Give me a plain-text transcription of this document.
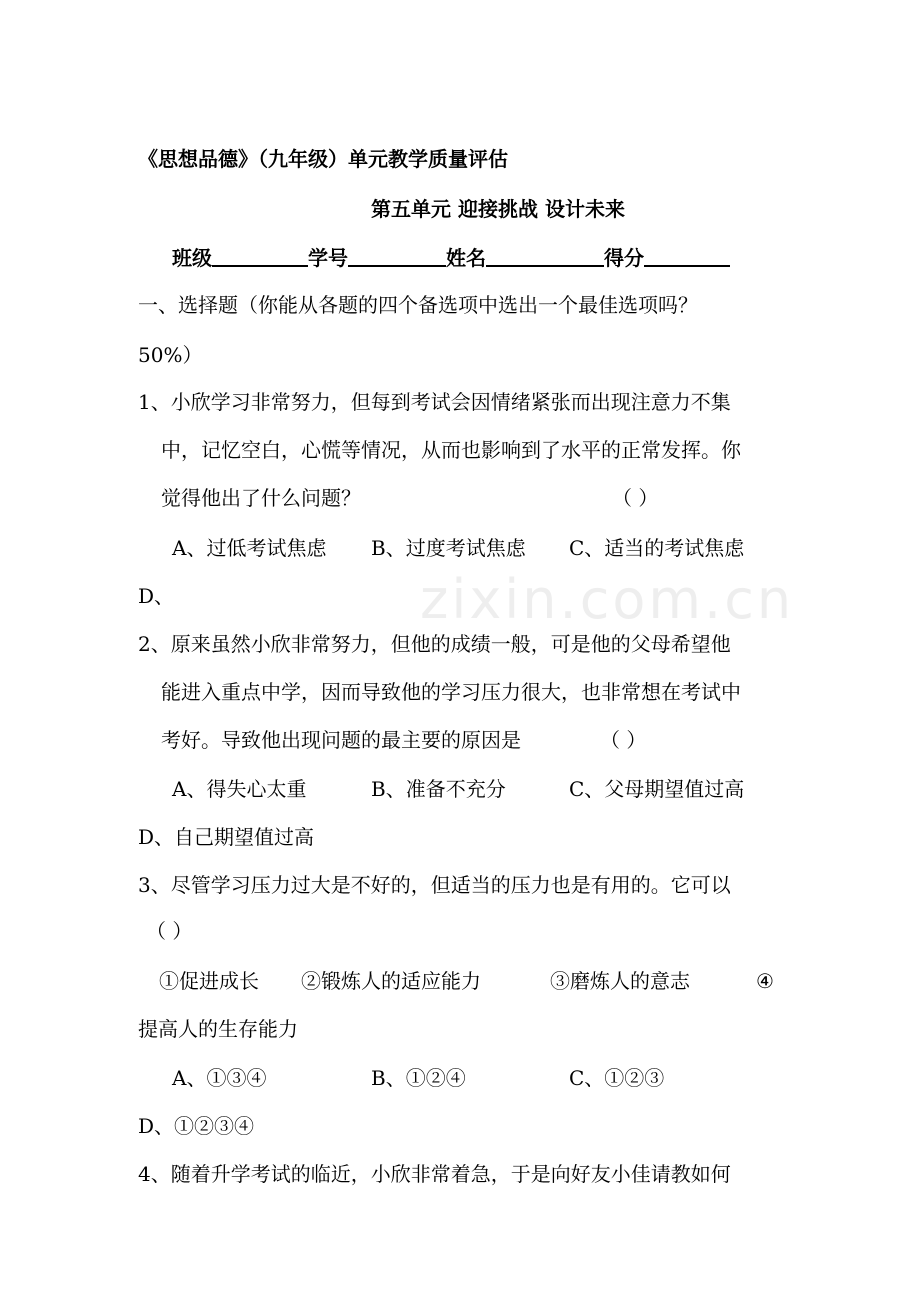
zixin.com.cn
《思想品德》（九年级）单元教学质量评估
第五单元 迎接挑战 设计未来
班级	学号	姓名	得分
一、选择题（你能从各题的四个备选项中选出一个最佳选项吗？
50%）
1、小欣学习非常努力，但每到考试会因情绪紧张而出现注意力不集
中，记忆空白，心慌等情况，从而也影响到了水平的正常发挥。你
觉得他出了什么问题？	（ ）
A、过低考试焦虑 B、过度考试焦虑 C、适当的考试焦虑
D、
2、原来虽然小欣非常努力，但他的成绩一般，可是他的父母希望他
能进入重点中学，因而导致他的学习压力很大，也非常想在考试中
考好。导致他出现问题的最主要的原因是	（ ）
A、得失心太重	B、准备不充分	C、父母期望值过高
D、自己期望值过高
3、尽管学习压力过大是不好的，但适当的压力也是有用的。它可以
（ ）
①促进成长 ②锻炼人的适应能力	③磨炼人的意志	④
提高人的生存能力
A、①③④	B、①②④	C、①②③
D、①②③④
4、随着升学考试的临近，小欣非常着急，于是向好友小佳请教如何
